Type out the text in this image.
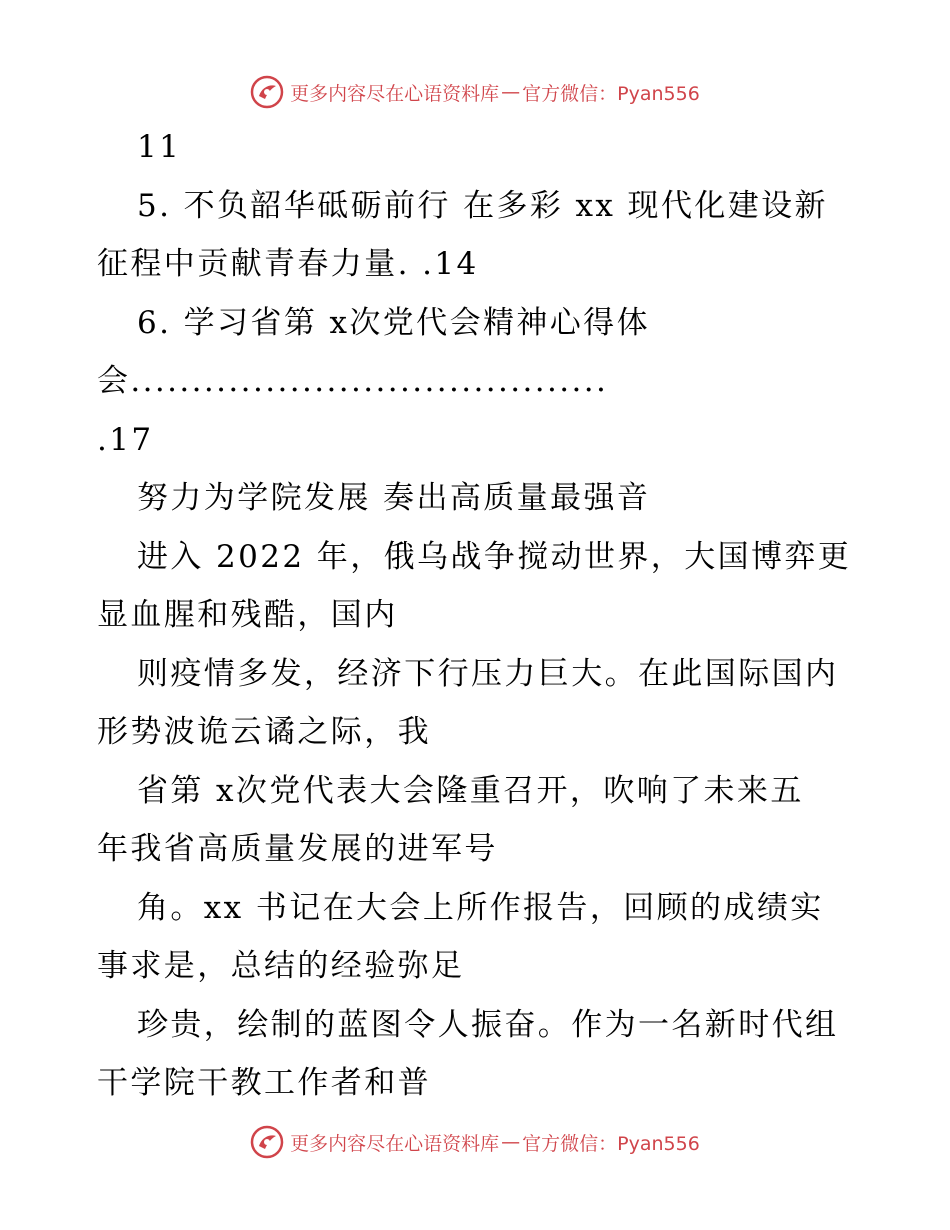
更多内容尽在心语资料库 — 官方微信：Pyan556
11
5. 不负韶华砥砺前行 在多彩 xx 现代化建设新
征程中贡献青春力量. .14
6. 学习省第 x次党代会精神心得体
会.......................................
.17
努力为学院发展 奏出高质量最强音
进入 2022 年，俄乌战争搅动世界，大国博弈更
显血腥和残酷，国内
则疫情多发，经济下行压力巨大。在此国际国内
形势波诡云谲之际，我
省第 x次党代表大会隆重召开，吹响了未来五
年我省高质量发展的进军号
角。xx 书记在大会上所作报告，回顾的成绩实
事求是，总结的经验弥足
珍贵，绘制的蓝图令人振奋。作为一名新时代组
干学院干教工作者和普
更多内容尽在心语资料库 — 官方微信：Pyan556
